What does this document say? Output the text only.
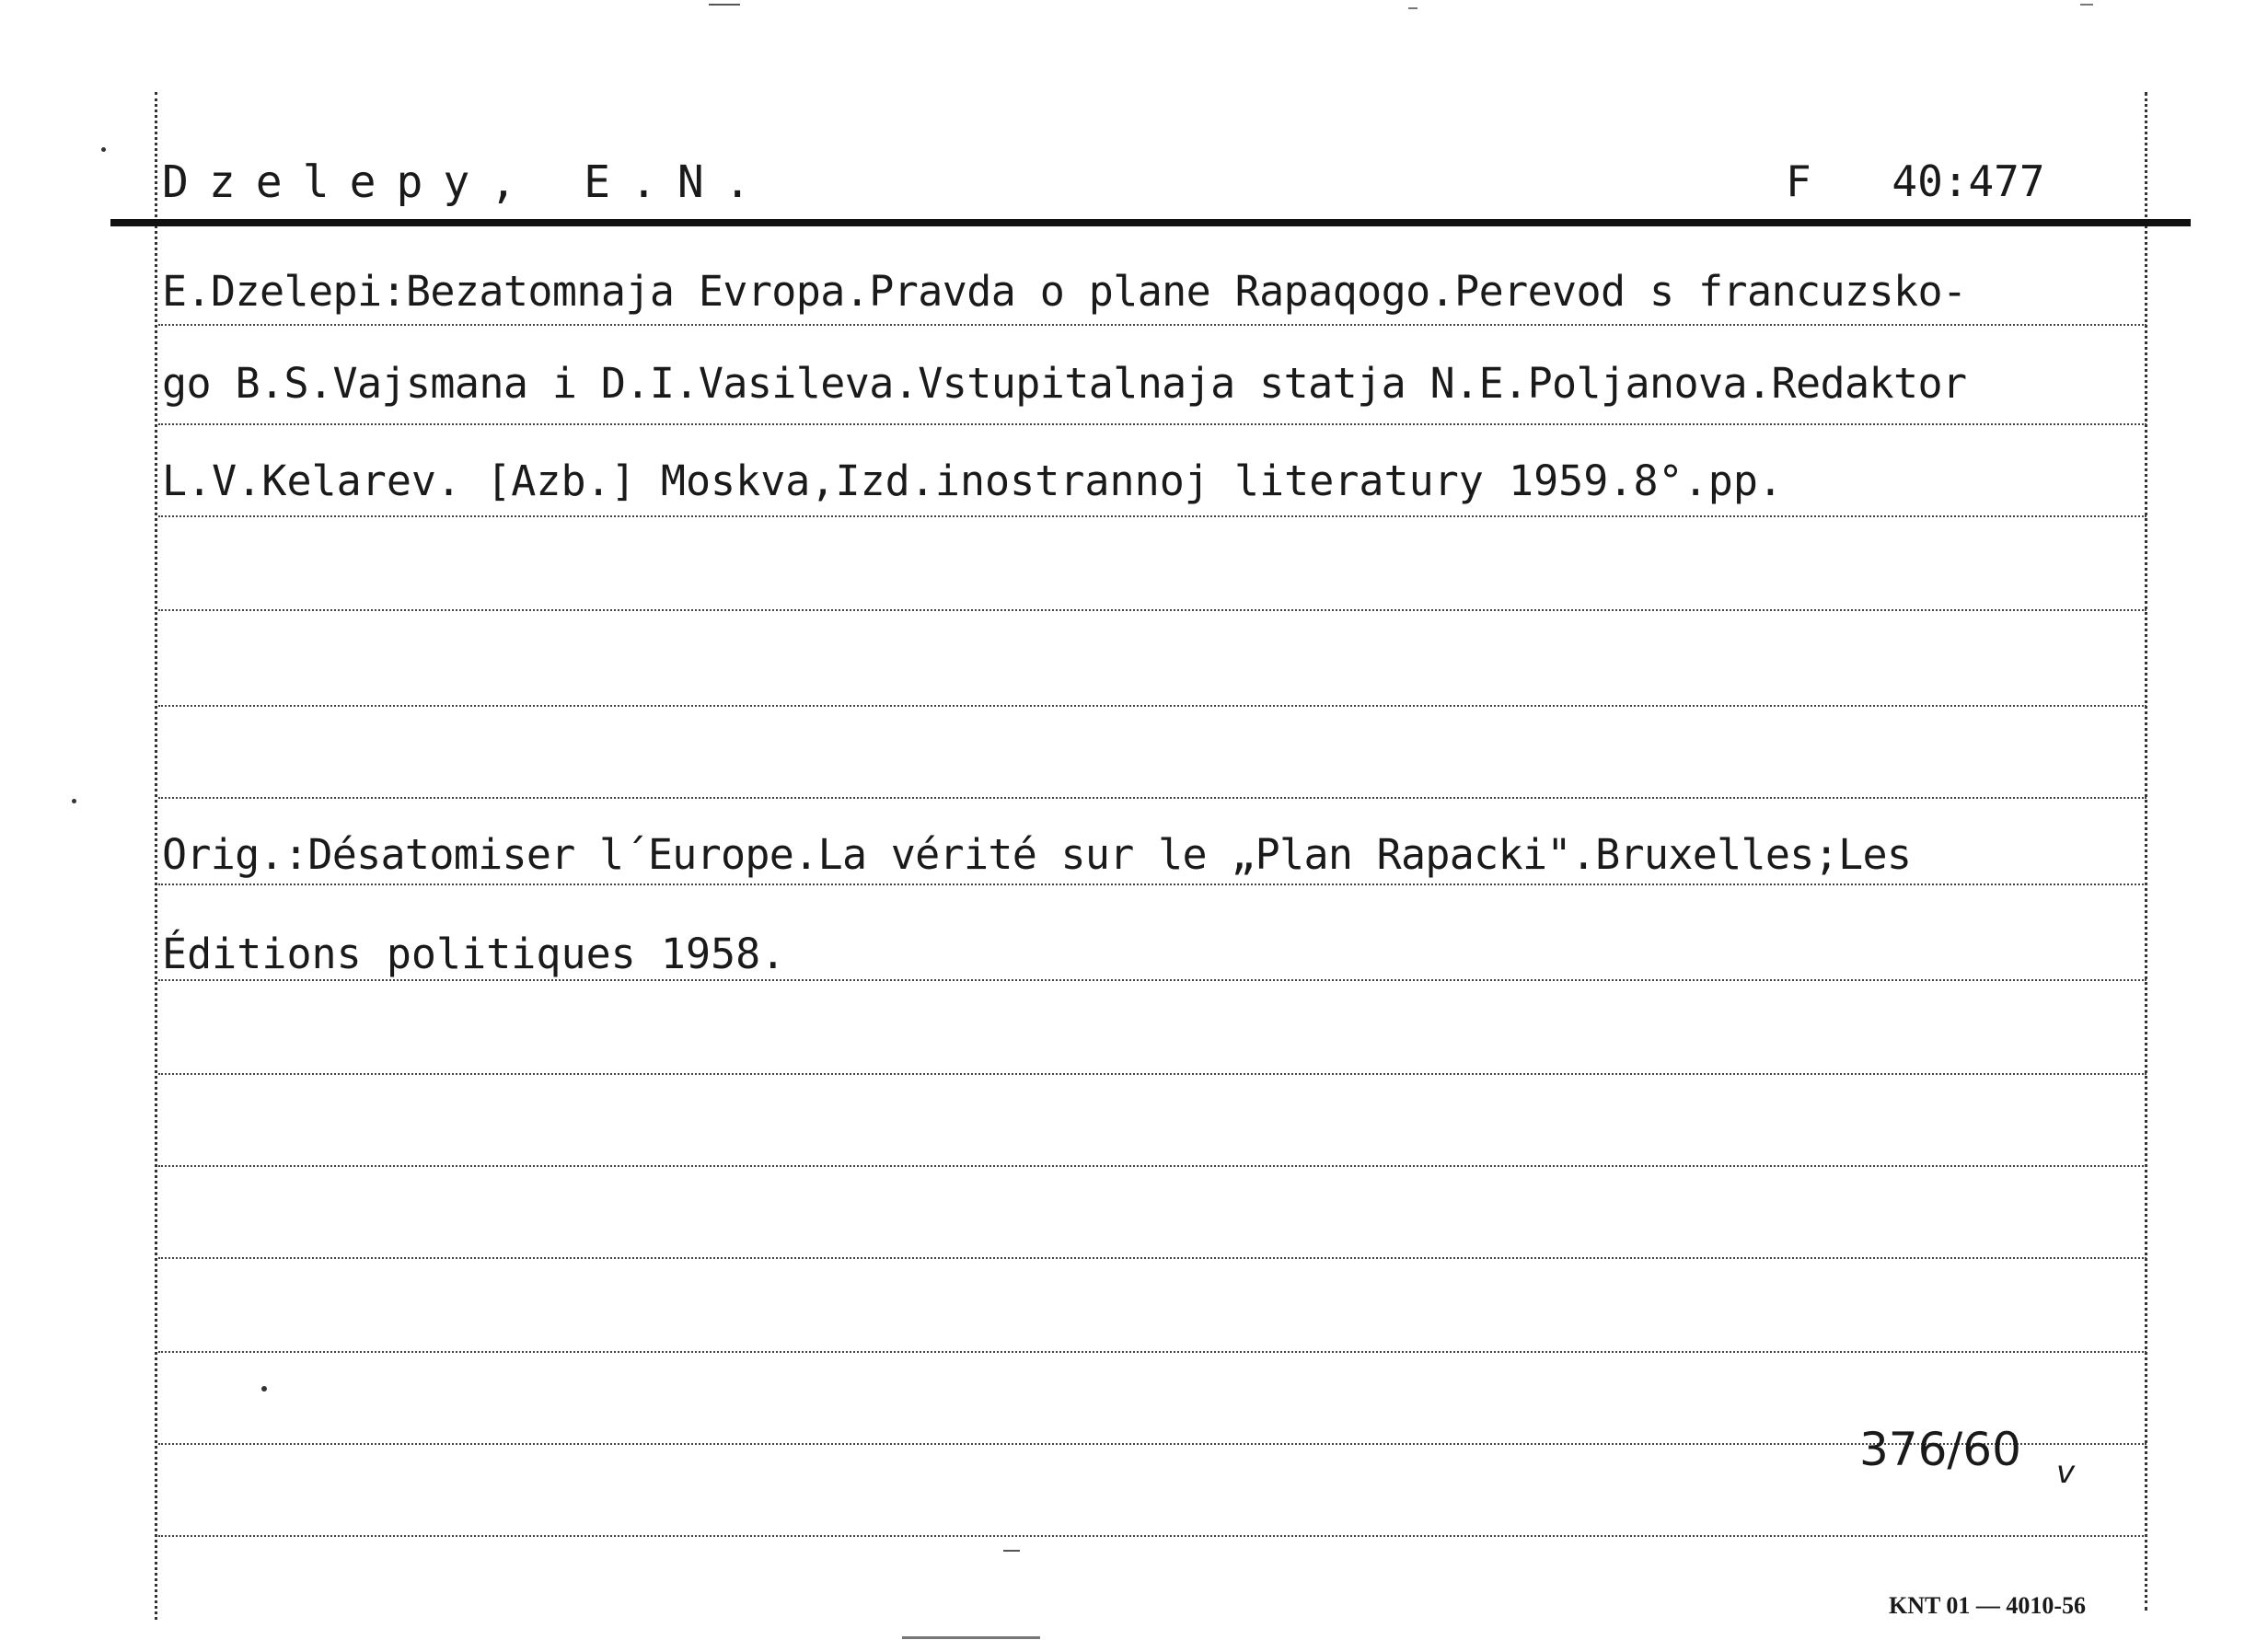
Dzelepy, E.N.	F 40:477
E.Dzelepi:Bezatomnaja Evropa.Pravda o plane Rapaqogo.Perevod s francuzsko-
go B.S.Vajsmana i D.I.Vasileva.Vstupitalnaja statja N.E.Poljanova.Redaktor
L.V.Kelarev. [Azb.] Moskva,Izd.inostrannoj literatury 1959.8°.pp.
Orig.:Désatomiser l´Europe.La vérité sur le „Plan Rapacki".Bruxelles;Les
Éditions politiques 1958.
376/60 v
KNT 01 — 4010-56
